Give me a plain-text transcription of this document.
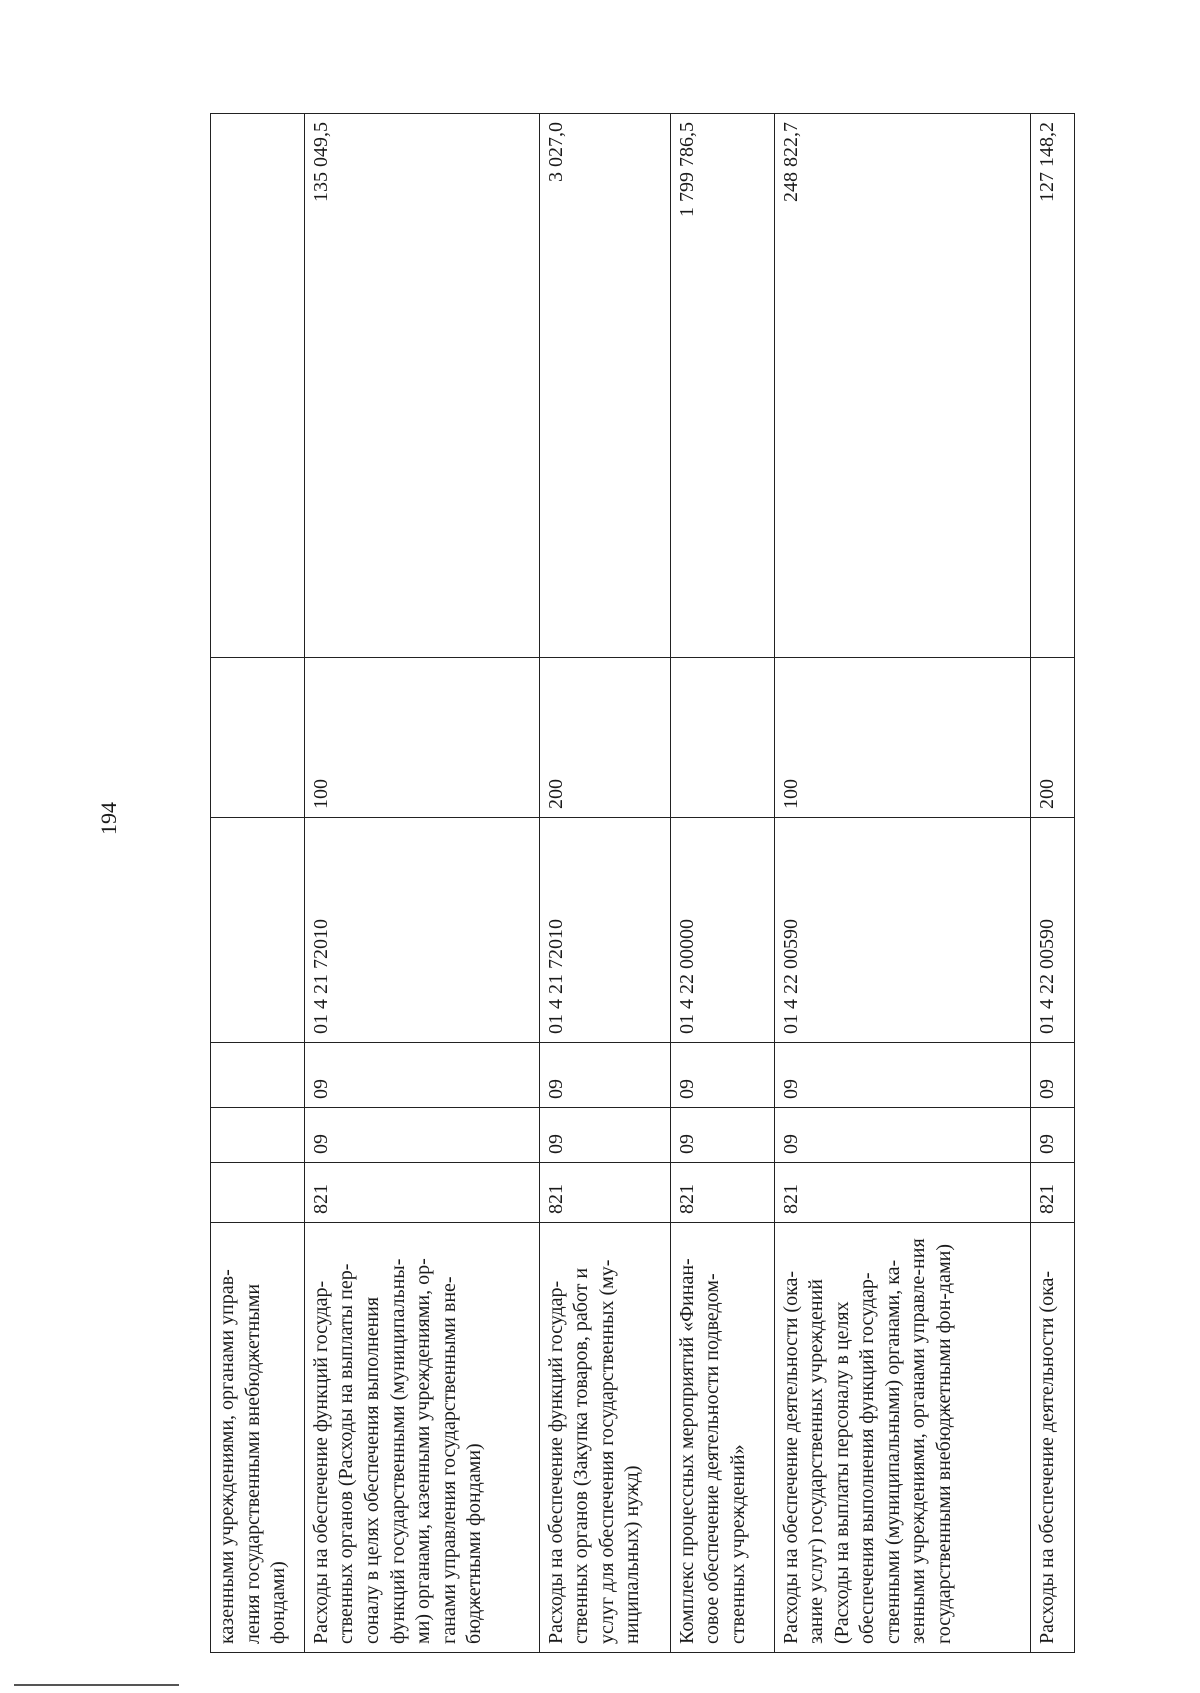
194
казенными учреждениями, органами управ-ления государственными внебюджетными фондами)						
Расходы на обеспечение функций государ-ственных органов (Расходы на выплаты пер-соналу в целях обеспечения выполнения функций государственными (муниципальны-ми) органами, казенными учреждениями, ор-ганами управления государственными вне-бюджетными фондами)	821	09	09	01 4 21 72010	100	135 049,5
Расходы на обеспечение функций государ-ственных органов (Закупка товаров, работ и услуг для обеспечения государственных (му-ниципальных) нужд)	821	09	09	01 4 21 72010	200	3 027,0
Комплекс процессных мероприятий «Финан-совое обеспечение деятельности подведом-ственных учреждений»	821	09	09	01 4 22 00000		1 799 786,5
Расходы на обеспечение деятельности (ока-зание услуг) государственных учреждений (Расходы на выплаты персоналу в целях обеспечения выполнения функций государ-ственными (муниципальными) органами, ка-зенными учреждениями, органами управле-ния государственными внебюджетными фон-дами)	821	09	09	01 4 22 00590	100	248 822,7
Расходы на обеспечение деятельности (ока-	821	09	09	01 4 22 00590	200	127 148,2
